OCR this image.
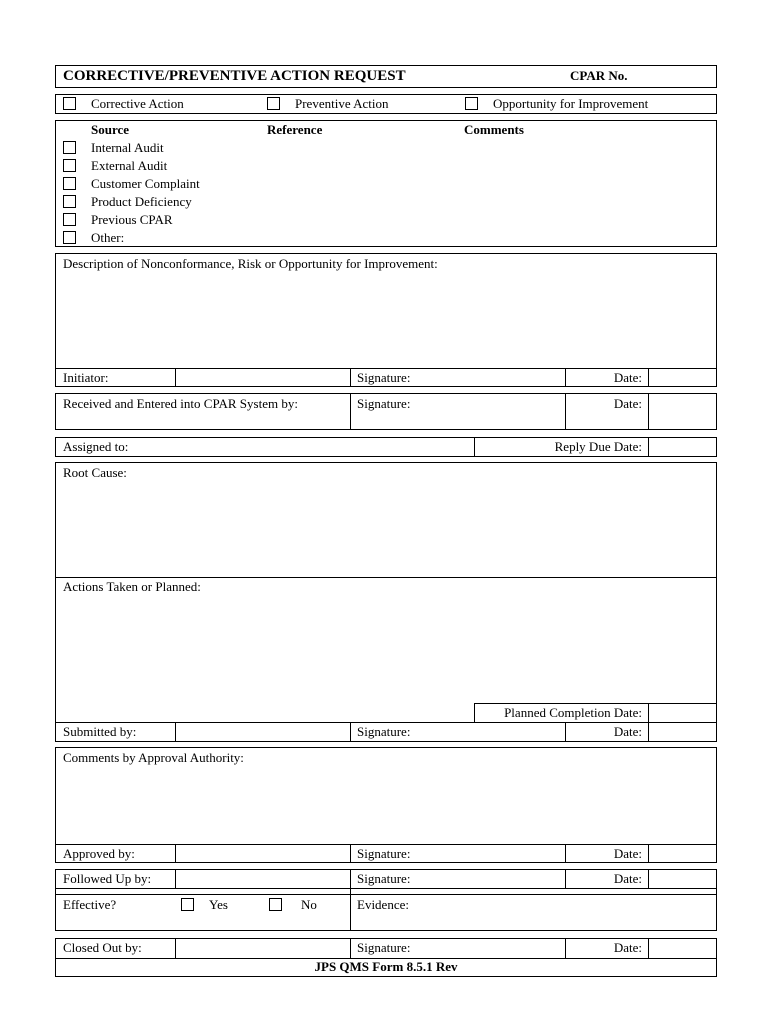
CORRECTIVE/PREVENTIVE ACTION REQUEST	CPAR No.
Corrective Action	Preventive Action	Opportunity for Improvement
Source	Reference	Comments
Internal Audit
External Audit
Customer Complaint
Product Deficiency
Previous CPAR
Other:
Description of Nonconformance, Risk or Opportunity for Improvement:
Initiator:	Signature:	Date:
Received and Entered into CPAR System by:	Signature:	Date:
Assigned to:	Reply Due Date:
Root Cause:
Actions Taken or Planned:
Planned Completion Date:
Submitted by:	Signature:	Date:
Comments by Approval Authority:
Approved by:	Signature:	Date:
Followed Up by:	Signature:	Date:
Effective?	Yes	No	Evidence:
Closed Out by:	Signature:	Date:
JPS QMS Form 8.5.1 Rev
